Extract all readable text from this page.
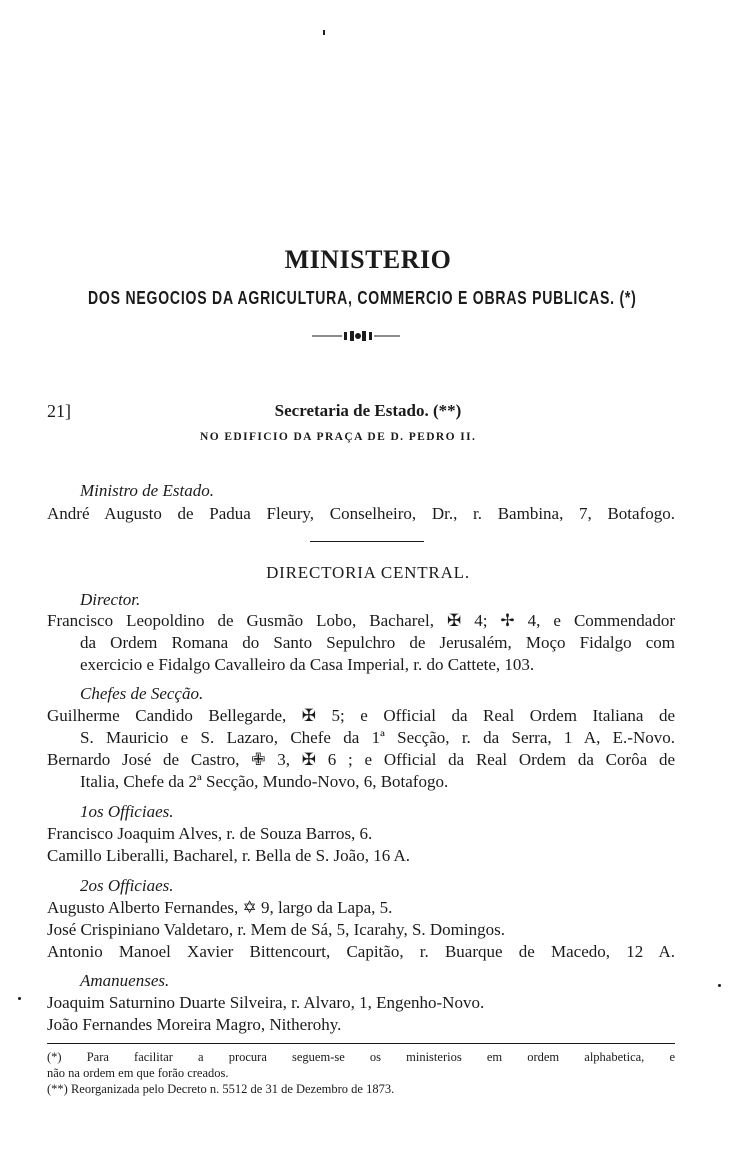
MINISTERIO
DOS NEGOCIOS DA AGRICULTURA, COMMERCIO E OBRAS PUBLICAS. (*)
21]	Secretaria de Estado. (**)
NO EDIFICIO DA PRAÇA DE D. PEDRO II.
Ministro de Estado.
André Augusto de Padua Fleury, Conselheiro, Dr., r. Bambina, 7, Botafogo.
DIRECTORIA CENTRAL.
Director.
Francisco Leopoldino de Gusmão Lobo, Bacharel, ✠ 4; ✢ 4, e Commendador
da Ordem Romana do Santo Sepulchro de Jerusalém, Moço Fidalgo com
exercicio e Fidalgo Cavalleiro da Casa Imperial, r. do Cattete, 103.
Chefes de Secção.
Guilherme Candido Bellegarde, ✠ 5; e Official da Real Ordem Italiana de
S. Mauricio e S. Lazaro, Chefe da 1ª Secção, r. da Serra, 1 A, E.-Novo.
Bernardo José de Castro, ✙ 3, ✠ 6 ; e Official da Real Ordem da Corôa de
Italia, Chefe da 2ª Secção, Mundo-Novo, 6, Botafogo.
1os Officiaes.
Francisco Joaquim Alves, r. de Souza Barros, 6.
Camillo Liberalli, Bacharel, r. Bella de S. João, 16 A.
2os Officiaes.
Augusto Alberto Fernandes, ✡ 9, largo da Lapa, 5.
José Crispiniano Valdetaro, r. Mem de Sá, 5, Icarahy, S. Domingos.
Antonio Manoel Xavier Bittencourt, Capitão, r. Buarque de Macedo, 12 A.
Amanuenses.
Joaquim Saturnino Duarte Silveira, r. Alvaro, 1, Engenho-Novo.
João Fernandes Moreira Magro, Nitherohy.
(*) Para facilitar a procura seguem-se os ministerios em ordem alphabetica, e
não na ordem em que forão creados.
(**) Reorganizada pelo Decreto n. 5512 de 31 de Dezembro de 1873.
